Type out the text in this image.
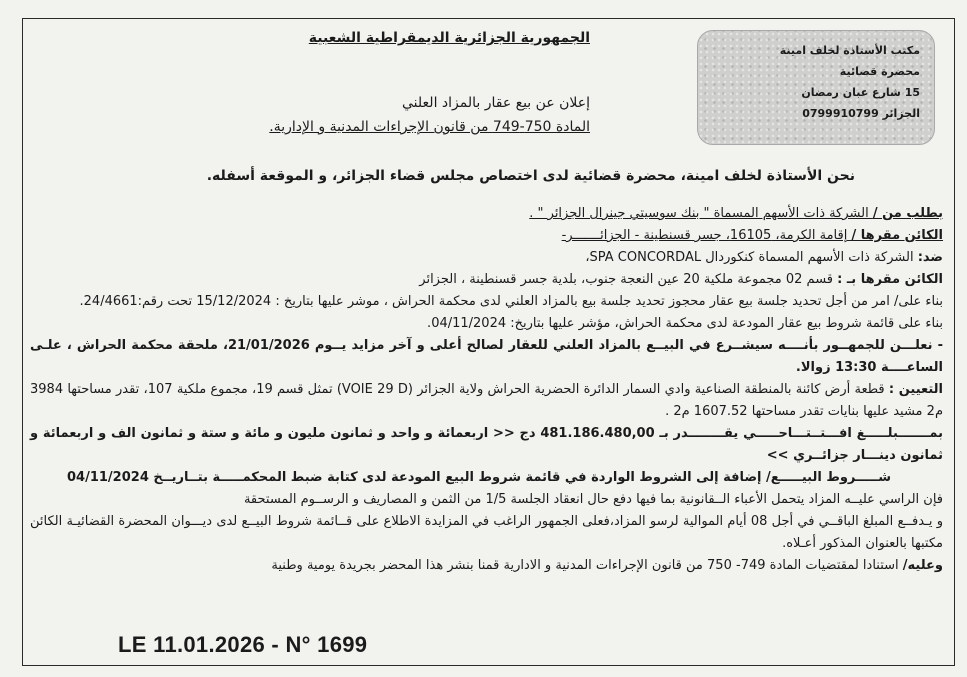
مكتب الأستاذة لخلف امينة
محضرة قضائية
15 شارع عبان رمضان
الجزائر 0799910799
الجمهورية الجزائرية الديمقراطية الشعبية
إعلان عن بيع عقار بالمزاد العلني
المادة 750-749 من قانون الإجراءات المدنية و الإدارية.
نحن الأستاذة لخلف امينة، محضرة قضائية لدى اختصاص مجلس قضاء الجزائر، و الموقعة أسفله.

بطلب من / الشركة ذات الأسهم المسماة " بنك سوسيتي جينرال الجزائر " .

الكائن مقرها / إقامة الكرمة، 16105، جسر قسنطينة - الجزائـــــــر-

ضد: الشركة ذات الأسهم المسماة كنكوردال SPA CONCORDAL،

الكائن مقرها بـ : قسم 02 مجموعة ملكية 20 عين النعجة جنوب، بلدية جسر قسنطينة ، الجزائر

بناء على/ امر من أجل تحديد جلسة بيع عقار محجوز تحديد جلسة بيع بالمزاد العلني لدى محكمة الحراش ، موشر عليها بتاريخ : 15/12/2024 تحت رقم:24/4661.

بناء على قائمة شروط بيع عقار المودعة لدى محكمة الحراش، مؤشر عليها بتاريخ: 04/11/2024.

- نعلـــن للجمهــور بأنــــه سيشــرع في البيــع بالمزاد العلني للعقار لصالح أعلى و آخر مزايد يــوم 21/01/2026، ملحقة محكمة الحراش ، علـى الساعــــة 13:30 زوالا.

التعيين : قطعة أرض كائنة بالمنطقة الصناعية وادي السمار الدائرة الحضرية الحراش ولاية الجزائر (VOIE 29 D) تمثل قسم 19، مجموع ملكية 107، تقدر مساحتها 3984 م2 مشيد عليها بنايات تقدر مساحتها 1607.52 م2 .

بمـــــــبلـــــغ افـــتــتـــاحـــــي يقــــــــدر بـ 481.186.480,00 دج << اربعمائة و واحد و ثمانون مليون و مائة و ستة و ثمانون الف و اربعمائة و ثمانون دينـــار جزائــري >>

شـــــروط البيـــــع/ إضافة إلى الشروط الواردة في قائمة شروط البيع المودعة لدى كتابة ضبط المحكمـــــة بتــاريــخ 04/11/2024

فإن الراسي عليــه المزاد يتحمل الأعباء الــقانونية بما فيها دفع حال انعقاد الجلسة 1/5 من الثمن و المصاريف و الرســوم المستحقة

و يـدفــع المبلغ الباقــي في أجل 08 أيام الموالية لرسو المزاد،فعلى الجمهور الراغب في المزايدة الاطلاع على قــائمة شروط البيــع لدى ديـــوان المحضرة القضائيـة الكائن مكتبها بالعنوان المذكور أعـلاه.

وعليه/ استنادا لمقتضيات المادة 749- 750 من قانون الإجراءات المدنية و الادارية قمنا بنشر هذا المحضر بجريدة يومية وطنية

LE 11.01.2026 - N° 1699
